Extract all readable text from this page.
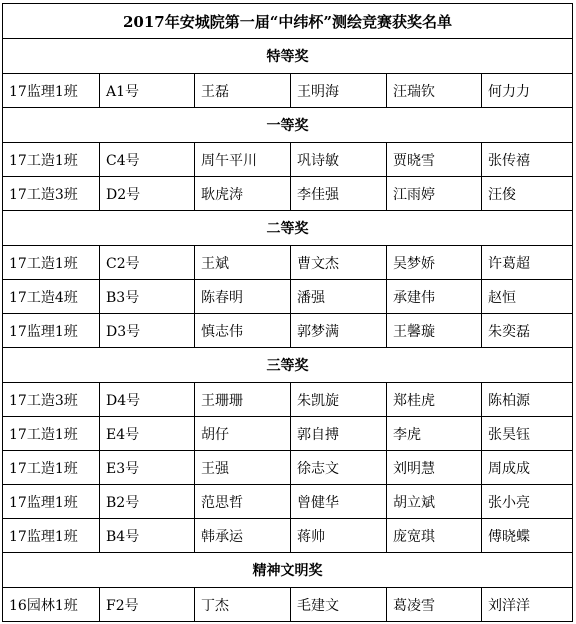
2017年安城院第一届“中纬杯”测绘竞赛获奖名单
特等奖
17监理1班	A1号	王磊	王明海	汪瑞钦	何力力
一等奖
17工造1班	C4号	周午平川	巩诗敏	贾晓雪	张传禧
17工造3班	D2号	耿虎涛	李佳强	江雨婷	汪俊
二等奖
17工造1班	C2号	王斌	曹文杰	吴梦娇	许葛超
17工造4班	B3号	陈春明	潘强	承建伟	赵恒
17监理1班	D3号	慎志伟	郭梦满	王馨璇	朱奕磊
三等奖
17工造3班	D4号	王珊珊	朱凯旋	郑桂虎	陈柏源
17工造1班	E4号	胡仔	郭自搏	李虎	张昊钰
17工造1班	E3号	王强	徐志文	刘明慧	周成成
17监理1班	B2号	范思哲	曾健华	胡立斌	张小亮
17监理1班	B4号	韩承运	蒋帅	庞宽琪	傅晓蝶
精神文明奖
16园林1班	F2号	丁杰	毛建文	葛凌雪	刘洋洋
